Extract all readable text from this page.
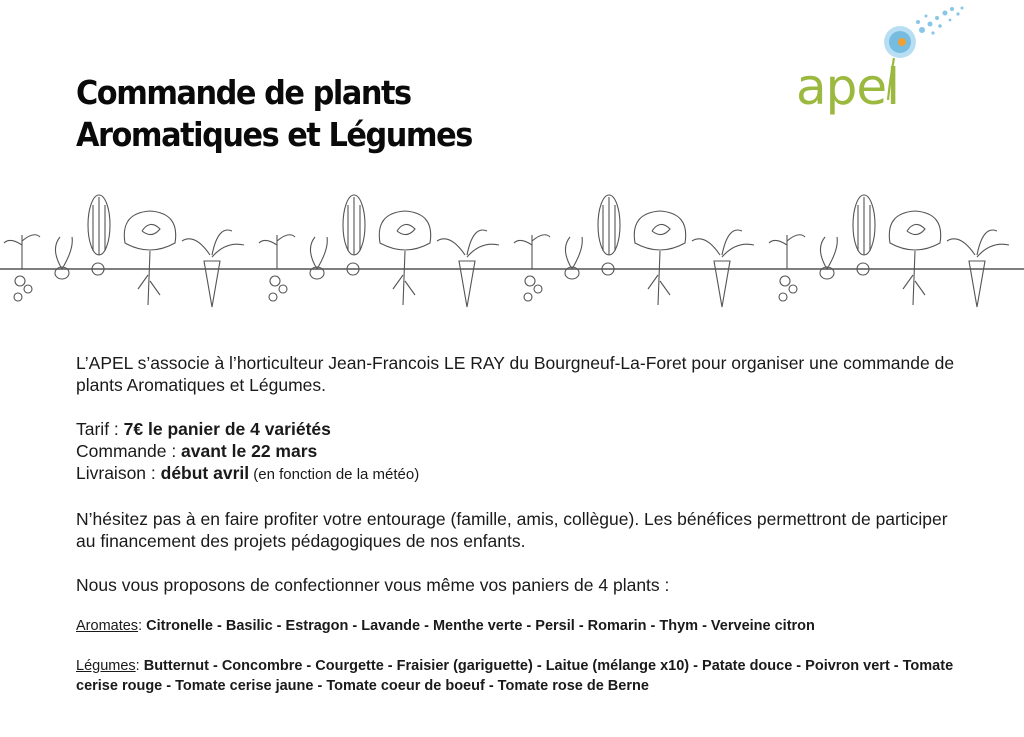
Commande de plants
Aromatiques et Légumes
apel

L’APEL s’associe à l’horticulteur Jean-Francois LE RAY du Bourgneuf-La-Foret pour organiser une commande de plants Aromatiques et Légumes.

Tarif : 7€ le panier de 4 variétés

Commande : avant le 22 mars

Livraison : début avril (en fonction de la météo)

N’hésitez pas à en faire profiter votre entourage (famille, amis, collègue). Les bénéfices permettront de participer au financement des projets pédagogiques de nos enfants.

Nous vous proposons de confectionner vous même vos paniers de 4 plants :

Aromates: Citronelle - Basilic - Estragon - Lavande - Menthe verte - Persil - Romarin - Thym - Verveine citron

Légumes: Butternut - Concombre - Courgette - Fraisier (gariguette) - Laitue (mélange x10) - Patate douce - Poivron vert - Tomate cerise rouge - Tomate cerise jaune - Tomate coeur de boeuf - Tomate rose de Berne
